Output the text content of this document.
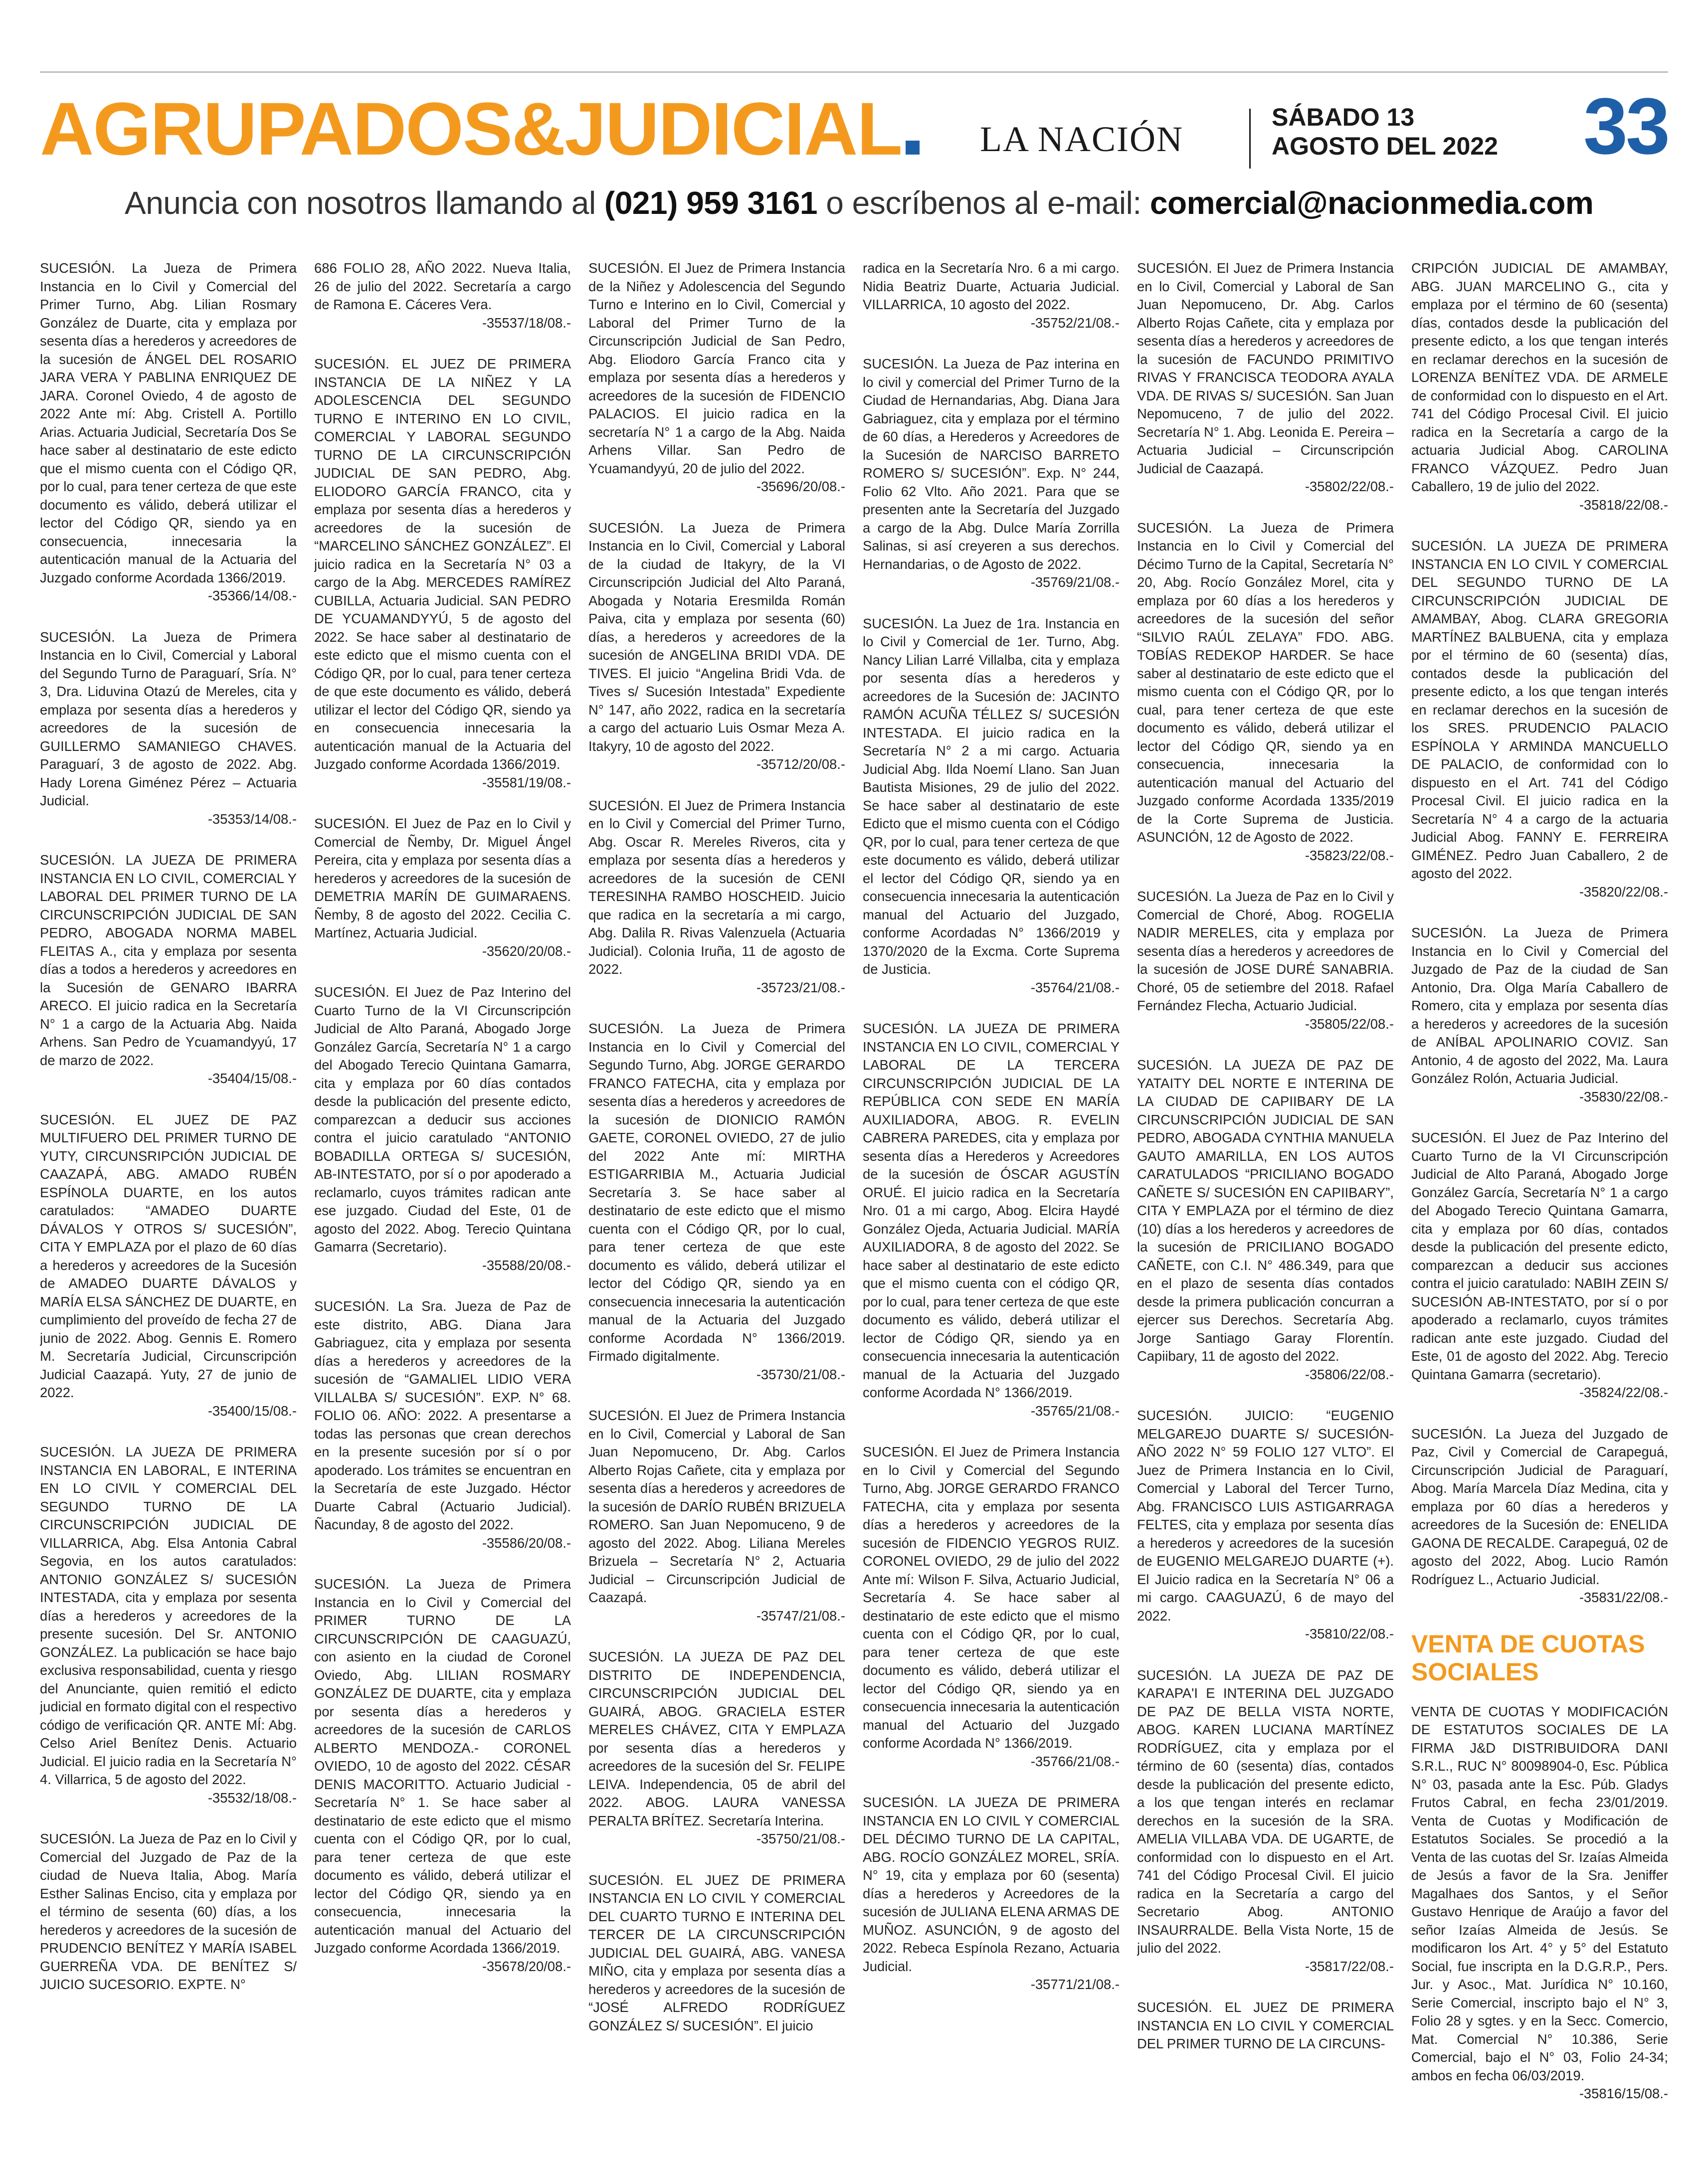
AGRUPADOS&JUDICIAL	LA NACIÓN
SÁBADO 13
AGOSTO DEL 2022 33
Anuncia con nosotros llamando al (021) 959 3161 o escríbenos al e-mail: comercial@nacionmedia.com

SUCESIÓN. La Jueza de Primera Instancia en lo Civil y Comercial del Primer Turno, Abg. Lilian Rosmary González de Duarte, cita y emplaza por sesenta días a herederos y acreedores de la sucesión de ÁNGEL DEL ROSARIO JARA VERA Y PABLINA ENRIQUEZ DE JARA. Coronel Oviedo, 4 de agosto de 2022 Ante mí: Abg. Cristell A. Portillo Arias. Actuaria Judicial, Secretaría Dos Se hace saber al destinatario de este edicto que el mismo cuenta con el Código QR, por lo cual, para tener certeza de que este documento es válido, deberá utilizar el lector del Código QR, siendo ya en consecuencia, innecesaria la autenticación manual de la Actuaria del Juzgado conforme Acordada 1366/2019.
-35366/14/08.-

SUCESIÓN. La Jueza de Primera Instancia en lo Civil, Comercial y Laboral del Segundo Turno de Paraguarí, Sría. N° 3, Dra. Liduvina Otazú de Mereles, cita y emplaza por sesenta días a herederos y acreedores de la sucesión de GUILLERMO SAMANIEGO CHAVES. Paraguarí, 3 de agosto de 2022. Abg. Hady Lorena Giménez Pérez – Actuaria Judicial.
-35353/14/08.-

SUCESIÓN. LA JUEZA DE PRIMERA INSTANCIA EN LO CIVIL, COMERCIAL Y LABORAL DEL PRIMER TURNO DE LA CIRCUNSCRIPCIÓN JUDICIAL DE SAN PEDRO, ABOGADA NORMA MABEL FLEITAS A., cita y emplaza por sesenta días a todos a herederos y acreedores en la Sucesión de GENARO IBARRA ARECO. El juicio radica en la Secretaría N° 1 a cargo de la Actuaria Abg. Naida Arhens. San Pedro de Ycuamandyyú, 17 de marzo de 2022.
-35404/15/08.-

SUCESIÓN. EL JUEZ DE PAZ MULTIFUERO DEL PRIMER TURNO DE YUTY, CIRCUNSRIPCIÓN JUDICIAL DE CAAZAPÁ, ABG. AMADO RUBÉN ESPÍNOLA DUARTE, en los autos caratulados: “AMADEO DUARTE DÁVALOS Y OTROS S/ SUCESIÓN”, CITA Y EMPLAZA por el plazo de 60 días a herederos y acreedores de la Sucesión de AMADEO DUARTE DÁVALOS y MARÍA ELSA SÁNCHEZ DE DUARTE, en cumplimiento del proveído de fecha 27 de junio de 2022. Abog. Gennis E. Romero M. Secretaría Judicial, Circunscripción Judicial Caazapá. Yuty, 27 de junio de 2022.
-35400/15/08.-

SUCESIÓN. LA JUEZA DE PRIMERA INSTANCIA EN LABORAL, E INTERINA EN LO CIVIL Y COMERCIAL DEL SEGUNDO TURNO DE LA CIRCUNSCRIPCIÓN JUDICIAL DE VILLARRICA, Abg. Elsa Antonia Cabral Segovia, en los autos caratulados: ANTONIO GONZÁLEZ S/ SUCESIÓN INTESTADA, cita y emplaza por sesenta días a herederos y acreedores de la presente sucesión. Del Sr. ANTONIO GONZÁLEZ. La publicación se hace bajo exclusiva responsabilidad, cuenta y riesgo del Anunciante, quien remitió el edicto judicial en formato digital con el respectivo código de verificación QR. ANTE MÍ: Abg. Celso Ariel Benítez Denis. Actuario Judicial. El juicio radia en la Secretaría N° 4. Villarrica, 5 de agosto del 2022.
-35532/18/08.-

SUCESIÓN. La Jueza de Paz en lo Civil y Comercial del Juzgado de Paz de la ciudad de Nueva Italia, Abog. María Esther Salinas Enciso, cita y emplaza por el término de sesenta (60) días, a los herederos y acreedores de la sucesión de PRUDENCIO BENÍTEZ Y MARÍA ISABEL GUERREÑA VDA. DE BENÍTEZ S/ JUICIO SUCESORIO. EXPTE. N°

686 FOLIO 28, AÑO 2022. Nueva Italia, 26 de julio del 2022. Secretaría a cargo de Ramona E. Cáceres Vera.
-35537/18/08.-

SUCESIÓN. EL JUEZ DE PRIMERA INSTANCIA DE LA NIÑEZ Y LA ADOLESCENCIA DEL SEGUNDO TURNO E INTERINO EN LO CIVIL, COMERCIAL Y LABORAL SEGUNDO TURNO DE LA CIRCUNSCRIPCIÓN JUDICIAL DE SAN PEDRO, Abg. ELIODORO GARCÍA FRANCO, cita y emplaza por sesenta días a herederos y acreedores de la sucesión de “MARCELINO SÁNCHEZ GONZÁLEZ”. El juicio radica en la Secretaría N° 03 a cargo de la Abg. MERCEDES RAMÍREZ CUBILLA, Actuaria Judicial. SAN PEDRO DE YCUAMANDYYÚ, 5 de agosto del 2022. Se hace saber al destinatario de este edicto que el mismo cuenta con el Código QR, por lo cual, para tener certeza de que este documento es válido, deberá utilizar el lector del Código QR, siendo ya en consecuencia innecesaria la autenticación manual de la Actuaria del Juzgado conforme Acordada 1366/2019.
-35581/19/08.-

SUCESIÓN. El Juez de Paz en lo Civil y Comercial de Ñemby, Dr. Miguel Ángel Pereira, cita y emplaza por sesenta días a herederos y acreedores de la sucesión de DEMETRIA MARÍN DE GUIMARAENS. Ñemby, 8 de agosto del 2022. Cecilia C. Martínez, Actuaria Judicial.
-35620/20/08.-

SUCESIÓN. El Juez de Paz Interino del Cuarto Turno de la VI Circunscripción Judicial de Alto Paraná, Abogado Jorge González García, Secretaría N° 1 a cargo del Abogado Terecio Quintana Gamarra, cita y emplaza por 60 días contados desde la publicación del presente edicto, comparezcan a deducir sus acciones contra el juicio caratulado “ANTONIO BOBADILLA ORTEGA S/ SUCESIÓN, AB-INTESTATO, por sí o por apoderado a reclamarlo, cuyos trámites radican ante ese juzgado. Ciudad del Este, 01 de agosto del 2022. Abog. Terecio Quintana Gamarra (Secretario).
-35588/20/08.-

SUCESIÓN. La Sra. Jueza de Paz de este distrito, ABG. Diana Jara Gabriaguez, cita y emplaza por sesenta días a herederos y acreedores de la sucesión de “GAMALIEL LIDIO VERA VILLALBA S/ SUCESIÓN”. EXP. N° 68. FOLIO 06. AÑO: 2022. A presentarse a todas las personas que crean derechos en la presente sucesión por sí o por apoderado. Los trámites se encuentran en la Secretaría de este Juzgado. Héctor Duarte Cabral (Actuario Judicial). Ñacunday, 8 de agosto del 2022.
-35586/20/08.-

SUCESIÓN. La Jueza de Primera Instancia en lo Civil y Comercial del PRIMER TURNO DE LA CIRCUNSCRIPCIÓN DE CAAGUAZÚ, con asiento en la ciudad de Coronel Oviedo, Abg. LILIAN ROSMARY GONZÁLEZ DE DUARTE, cita y emplaza por sesenta días a herederos y acreedores de la sucesión de CARLOS ALBERTO MENDOZA.- CORONEL OVIEDO, 10 de agosto del 2022. CÉSAR DENIS MACORITTO. Actuario Judicial - Secretaría N° 1. Se hace saber al destinatario de este edicto que el mismo cuenta con el Código QR, por lo cual, para tener certeza de que este documento es válido, deberá utilizar el lector del Código QR, siendo ya en consecuencia, innecesaria la autenticación manual del Actuario del Juzgado conforme Acordada 1366/2019.
-35678/20/08.-

SUCESIÓN. El Juez de Primera Instancia de la Niñez y Adolescencia del Segundo Turno e Interino en lo Civil, Comercial y Laboral del Primer Turno de la Circunscripción Judicial de San Pedro, Abg. Eliodoro García Franco cita y emplaza por sesenta días a herederos y acreedores de la sucesión de FIDENCIO PALACIOS. El juicio radica en la secretaría N° 1 a cargo de la Abg. Naida Arhens Villar. San Pedro de Ycuamandyyú, 20 de julio del 2022.
-35696/20/08.-

SUCESIÓN. La Jueza de Primera Instancia en lo Civil, Comercial y Laboral de la ciudad de Itakyry, de la VI Circunscripción Judicial del Alto Paraná, Abogada y Notaria Eresmilda Román Paiva, cita y emplaza por sesenta (60) días, a herederos y acreedores de la sucesión de ANGELINA BRIDI VDA. DE TIVES. El juicio “Angelina Bridi Vda. de Tives s/ Sucesión Intestada” Expediente N° 147, año 2022, radica en la secretaría a cargo del actuario Luis Osmar Meza A. Itakyry, 10 de agosto del 2022.
-35712/20/08.-

SUCESIÓN. El Juez de Primera Instancia en lo Civil y Comercial del Primer Turno, Abg. Oscar R. Mereles Riveros, cita y emplaza por sesenta días a herederos y acreedores de la sucesión de CENI TERESINHA RAMBO HOSCHEID. Juicio que radica en la secretaría a mi cargo, Abg. Dalila R. Rivas Valenzuela (Actuaria Judicial). Colonia Iruña, 11 de agosto de 2022.
-35723/21/08.-

SUCESIÓN. La Jueza de Primera Instancia en lo Civil y Comercial del Segundo Turno, Abg. JORGE GERARDO FRANCO FATECHA, cita y emplaza por sesenta días a herederos y acreedores de la sucesión de DIONICIO RAMÓN GAETE, CORONEL OVIEDO, 27 de julio del 2022 Ante mí: MIRTHA ESTIGARRIBIA M., Actuaria Judicial Secretaría 3. Se hace saber al destinatario de este edicto que el mismo cuenta con el Código QR, por lo cual, para tener certeza de que este documento es válido, deberá utilizar el lector del Código QR, siendo ya en consecuencia innecesaria la autenticación manual de la Actuaria del Juzgado conforme Acordada N° 1366/2019. Firmado digitalmente.
-35730/21/08.-

SUCESIÓN. El Juez de Primera Instancia en lo Civil, Comercial y Laboral de San Juan Nepomuceno, Dr. Abg. Carlos Alberto Rojas Cañete, cita y emplaza por sesenta días a herederos y acreedores de la sucesión de DARÍO RUBÉN BRIZUELA ROMERO. San Juan Nepomuceno, 9 de agosto del 2022. Abog. Liliana Mereles Brizuela – Secretaría N° 2, Actuaria Judicial – Circunscripción Judicial de Caazapá.
-35747/21/08.-

SUCESIÓN. LA JUEZA DE PAZ DEL DISTRITO DE INDEPENDENCIA, CIRCUNSCRIPCIÓN JUDICIAL DEL GUAIRÁ, ABOG. GRACIELA ESTER MERELES CHÁVEZ, CITA Y EMPLAZA por sesenta días a herederos y acreedores de la sucesión del Sr. FELIPE LEIVA. Independencia, 05 de abril del 2022. ABOG. LAURA VANESSA PERALTA BRÍTEZ. Secretaría Interina.
-35750/21/08.-

SUCESIÓN. EL JUEZ DE PRIMERA INSTANCIA EN LO CIVIL Y COMERCIAL DEL CUARTO TURNO E INTERINA DEL TERCER DE LA CIRCUNSCRIPCIÓN JUDICIAL DEL GUAIRÁ, ABG. VANESA MIÑO, cita y emplaza por sesenta días a herederos y acreedores de la sucesión de “JOSÉ ALFREDO RODRÍGUEZ GONZÁLEZ S/ SUCESIÓN”. El juicio

radica en la Secretaría Nro. 6 a mi cargo. Nidia Beatriz Duarte, Actuaria Judicial. VILLARRICA, 10 agosto del 2022.
-35752/21/08.-

SUCESIÓN. La Jueza de Paz interina en lo civil y comercial del Primer Turno de la Ciudad de Hernandarias, Abg. Diana Jara Gabriaguez, cita y emplaza por el término de 60 días, a Herederos y Acreedores de la Sucesión de NARCISO BARRETO ROMERO S/ SUCESIÓN”. Exp. N° 244, Folio 62 Vlto. Año 2021. Para que se presenten ante la Secretaría del Juzgado a cargo de la Abg. Dulce María Zorrilla Salinas, si así creyeren a sus derechos. Hernandarias, o de Agosto de 2022.
-35769/21/08.-

SUCESIÓN. La Juez de 1ra. Instancia en lo Civil y Comercial de 1er. Turno, Abg. Nancy Lilian Larré Villalba, cita y emplaza por sesenta días a herederos y acreedores de la Sucesión de: JACINTO RAMÓN ACUÑA TÉLLEZ S/ SUCESIÓN INTESTADA. El juicio radica en la Secretaría N° 2 a mi cargo. Actuaria Judicial Abg. Ilda Noemí Llano. San Juan Bautista Misiones, 29 de julio del 2022. Se hace saber al destinatario de este Edicto que el mismo cuenta con el Código QR, por lo cual, para tener certeza de que este documento es válido, deberá utilizar el lector del Código QR, siendo ya en consecuencia innecesaria la autenticación manual del Actuario del Juzgado, conforme Acordadas N° 1366/2019 y 1370/2020 de la Excma. Corte Suprema de Justicia.
-35764/21/08.-

SUCESIÓN. LA JUEZA DE PRIMERA INSTANCIA EN LO CIVIL, COMERCIAL Y LABORAL DE LA TERCERA CIRCUNSCRIPCIÓN JUDICIAL DE LA REPÚBLICA CON SEDE EN MARÍA AUXILIADORA, ABOG. R. EVELIN CABRERA PAREDES, cita y emplaza por sesenta días a Herederos y Acreedores de la sucesión de ÓSCAR AGUSTÍN ORUÉ. El juicio radica en la Secretaría Nro. 01 a mi cargo, Abog. Elcira Haydé González Ojeda, Actuaria Judicial. MARÍA AUXILIADORA, 8 de agosto del 2022. Se hace saber al destinatario de este edicto que el mismo cuenta con el código QR, por lo cual, para tener certeza de que este documento es válido, deberá utilizar el lector de Código QR, siendo ya en consecuencia innecesaria la autenticación manual de la Actuaria del Juzgado conforme Acordada N° 1366/2019.
-35765/21/08.-

SUCESIÓN. El Juez de Primera Instancia en lo Civil y Comercial del Segundo Turno, Abg. JORGE GERARDO FRANCO FATECHA, cita y emplaza por sesenta días a herederos y acreedores de la sucesión de FIDENCIO YEGROS RUIZ. CORONEL OVIEDO, 29 de julio del 2022 Ante mí: Wilson F. Silva, Actuario Judicial, Secretaría 4. Se hace saber al destinatario de este edicto que el mismo cuenta con el Código QR, por lo cual, para tener certeza de que este documento es válido, deberá utilizar el lector del Código QR, siendo ya en consecuencia innecesaria la autenticación manual del Actuario del Juzgado conforme Acordada N° 1366/2019.
-35766/21/08.-

SUCESIÓN. LA JUEZA DE PRIMERA INSTANCIA EN LO CIVIL Y COMERCIAL DEL DÉCIMO TURNO DE LA CAPITAL, ABG. ROCÍO GONZÁLEZ MOREL, SRÍA. N° 19, cita y emplaza por 60 (sesenta) días a herederos y Acreedores de la sucesión de JULIANA ELENA ARMAS DE MUÑOZ. ASUNCIÓN, 9 de agosto del 2022. Rebeca Espínola Rezano, Actuaria Judicial.
-35771/21/08.-

SUCESIÓN. El Juez de Primera Instancia en lo Civil, Comercial y Laboral de San Juan Nepomuceno, Dr. Abg. Carlos Alberto Rojas Cañete, cita y emplaza por sesenta días a herederos y acreedores de la sucesión de FACUNDO PRIMITIVO RIVAS Y FRANCISCA TEODORA AYALA VDA. DE RIVAS S/ SUCESIÓN. San Juan Nepomuceno, 7 de julio del 2022. Secretaría N° 1. Abg. Leonida E. Pereira – Actuaria Judicial – Circunscripción Judicial de Caazapá.
-35802/22/08.-

SUCESIÓN. La Jueza de Primera Instancia en lo Civil y Comercial del Décimo Turno de la Capital, Secretaría N° 20, Abg. Rocío González Morel, cita y emplaza por 60 días a los herederos y acreedores de la sucesión del señor “SILVIO RAÚL ZELAYA” FDO. ABG. TOBÍAS REDEKOP HARDER. Se hace saber al destinatario de este edicto que el mismo cuenta con el Código QR, por lo cual, para tener certeza de que este documento es válido, deberá utilizar el lector del Código QR, siendo ya en consecuencia, innecesaria la autenticación manual del Actuario del Juzgado conforme Acordada 1335/2019 de la Corte Suprema de Justicia. ASUNCIÓN, 12 de Agosto de 2022.
-35823/22/08.-

SUCESIÓN. La Jueza de Paz en lo Civil y Comercial de Choré, Abog. ROGELIA NADIR MERELES, cita y emplaza por sesenta días a herederos y acreedores de la sucesión de JOSE DURÉ SANABRIA. Choré, 05 de setiembre del 2018. Rafael Fernández Flecha, Actuario Judicial.
-35805/22/08.-

SUCESIÓN. LA JUEZA DE PAZ DE YATAITY DEL NORTE E INTERINA DE LA CIUDAD DE CAPIIBARY DE LA CIRCUNSCRIPCIÓN JUDICIAL DE SAN PEDRO, ABOGADA CYNTHIA MANUELA GAUTO AMARILLA, EN LOS AUTOS CARATULADOS “PRICILIANO BOGADO CAÑETE S/ SUCESIÓN EN CAPIIBARY”, CITA Y EMPLAZA por el término de diez (10) días a los herederos y acreedores de la sucesión de PRICILIANO BOGADO CAÑETE, con C.I. N° 486.349, para que en el plazo de sesenta días contados desde la primera publicación concurran a ejercer sus Derechos. Secretaría Abg. Jorge Santiago Garay Florentín. Capiibary, 11 de agosto del 2022.
-35806/22/08.-

SUCESIÓN. JUICIO: “EUGENIO MELGAREJO DUARTE S/ SUCESIÓN-AÑO 2022 N° 59 FOLIO 127 VLTO”. El Juez de Primera Instancia en lo Civil, Comercial y Laboral del Tercer Turno, Abg. FRANCISCO LUIS ASTIGARRAGA FELTES, cita y emplaza por sesenta días a herederos y acreedores de la sucesión de EUGENIO MELGAREJO DUARTE (+). El Juicio radica en la Secretaría N° 06 a mi cargo. CAAGUAZÚ, 6 de mayo del 2022.
-35810/22/08.-

SUCESIÓN. LA JUEZA DE PAZ DE KARAPA'I E INTERINA DEL JUZGADO DE PAZ DE BELLA VISTA NORTE, ABOG. KAREN LUCIANA MARTÍNEZ RODRÍGUEZ, cita y emplaza por el término de 60 (sesenta) días, contados desde la publicación del presente edicto, a los que tengan interés en reclamar derechos en la sucesión de la SRA. AMELIA VILLABA VDA. DE UGARTE, de conformidad con lo dispuesto en el Art. 741 del Código Procesal Civil. El juicio radica en la Secretaría a cargo del Secretario Abog. ANTONIO INSAURRALDE. Bella Vista Norte, 15 de julio del 2022.
-35817/22/08.-

SUCESIÓN. EL JUEZ DE PRIMERA INSTANCIA EN LO CIVIL Y COMERCIAL DEL PRIMER TURNO DE LA CIRCUNS-

CRIPCIÓN JUDICIAL DE AMAMBAY, ABG. JUAN MARCELINO G., cita y emplaza por el término de 60 (sesenta) días, contados desde la publicación del presente edicto, a los que tengan interés en reclamar derechos en la sucesión de LORENZA BENÍTEZ VDA. DE ARMELE de conformidad con lo dispuesto en el Art. 741 del Código Procesal Civil. El juicio radica en la Secretaría a cargo de la actuaria Judicial Abog. CAROLINA FRANCO VÁZQUEZ. Pedro Juan Caballero, 19 de julio del 2022.
-35818/22/08.-

SUCESIÓN. LA JUEZA DE PRIMERA INSTANCIA EN LO CIVIL Y COMERCIAL DEL SEGUNDO TURNO DE LA CIRCUNSCRIPCIÓN JUDICIAL DE AMAMBAY, Abog. CLARA GREGORIA MARTÍNEZ BALBUENA, cita y emplaza por el término de 60 (sesenta) días, contados desde la publicación del presente edicto, a los que tengan interés en reclamar derechos en la sucesión de los SRES. PRUDENCIO PALACIO ESPÍNOLA Y ARMINDA MANCUELLO DE PALACIO, de conformidad con lo dispuesto en el Art. 741 del Código Procesal Civil. El juicio radica en la Secretaría N° 4 a cargo de la actuaria Judicial Abog. FANNY E. FERREIRA GIMÉNEZ. Pedro Juan Caballero, 2 de agosto del 2022.
-35820/22/08.-

SUCESIÓN. La Jueza de Primera Instancia en lo Civil y Comercial del Juzgado de Paz de la ciudad de San Antonio, Dra. Olga María Caballero de Romero, cita y emplaza por sesenta días a herederos y acreedores de la sucesión de ANÍBAL APOLINARIO COVIZ. San Antonio, 4 de agosto del 2022, Ma. Laura González Rolón, Actuaria Judicial.
-35830/22/08.-

SUCESIÓN. El Juez de Paz Interino del Cuarto Turno de la VI Circunscripción Judicial de Alto Paraná, Abogado Jorge González García, Secretaría N° 1 a cargo del Abogado Terecio Quintana Gamarra, cita y emplaza por 60 días, contados desde la publicación del presente edicto, comparezcan a deducir sus acciones contra el juicio caratulado: NABIH ZEIN S/ SUCESIÓN AB-INTESTATO, por sí o por apoderado a reclamarlo, cuyos trámites radican ante este juzgado. Ciudad del Este, 01 de agosto del 2022. Abg. Terecio Quintana Gamarra (secretario).
-35824/22/08.-

SUCESIÓN. La Jueza del Juzgado de Paz, Civil y Comercial de Carapeguá, Circunscripción Judicial de Paraguarí, Abog. María Marcela Díaz Medina, cita y emplaza por 60 días a herederos y acreedores de la Sucesión de: ENELIDA GAONA DE RECALDE. Carapeguá, 02 de agosto del 2022, Abog. Lucio Ramón Rodríguez L., Actuario Judicial.
-35831/22/08.-

VENTA DE CUOTAS SOCIALES

VENTA DE CUOTAS Y MODIFICACIÓN DE ESTATUTOS SOCIALES DE LA FIRMA J&D DISTRIBUIDORA DANI S.R.L., RUC N° 80098904-0, Esc. Pública N° 03, pasada ante la Esc. Púb. Gladys Frutos Cabral, en fecha 23/01/2019. Venta de Cuotas y Modificación de Estatutos Sociales. Se procedió a la Venta de las cuotas del Sr. Izaías Almeida de Jesús a favor de la Sra. Jeniffer Magalhaes dos Santos, y el Señor Gustavo Henrique de Araújo a favor del señor Izaías Almeida de Jesús. Se modificaron los Art. 4° y 5° del Estatuto Social, fue inscripta en la D.G.R.P., Pers. Jur. y Asoc., Mat. Jurídica N° 10.160, Serie Comercial, inscripto bajo el N° 3, Folio 28 y sgtes. y en la Secc. Comercio, Mat. Comercial N° 10.386, Serie Comercial, bajo el N° 03, Folio 24-34; ambos en fecha 06/03/2019.
-35816/15/08.-
